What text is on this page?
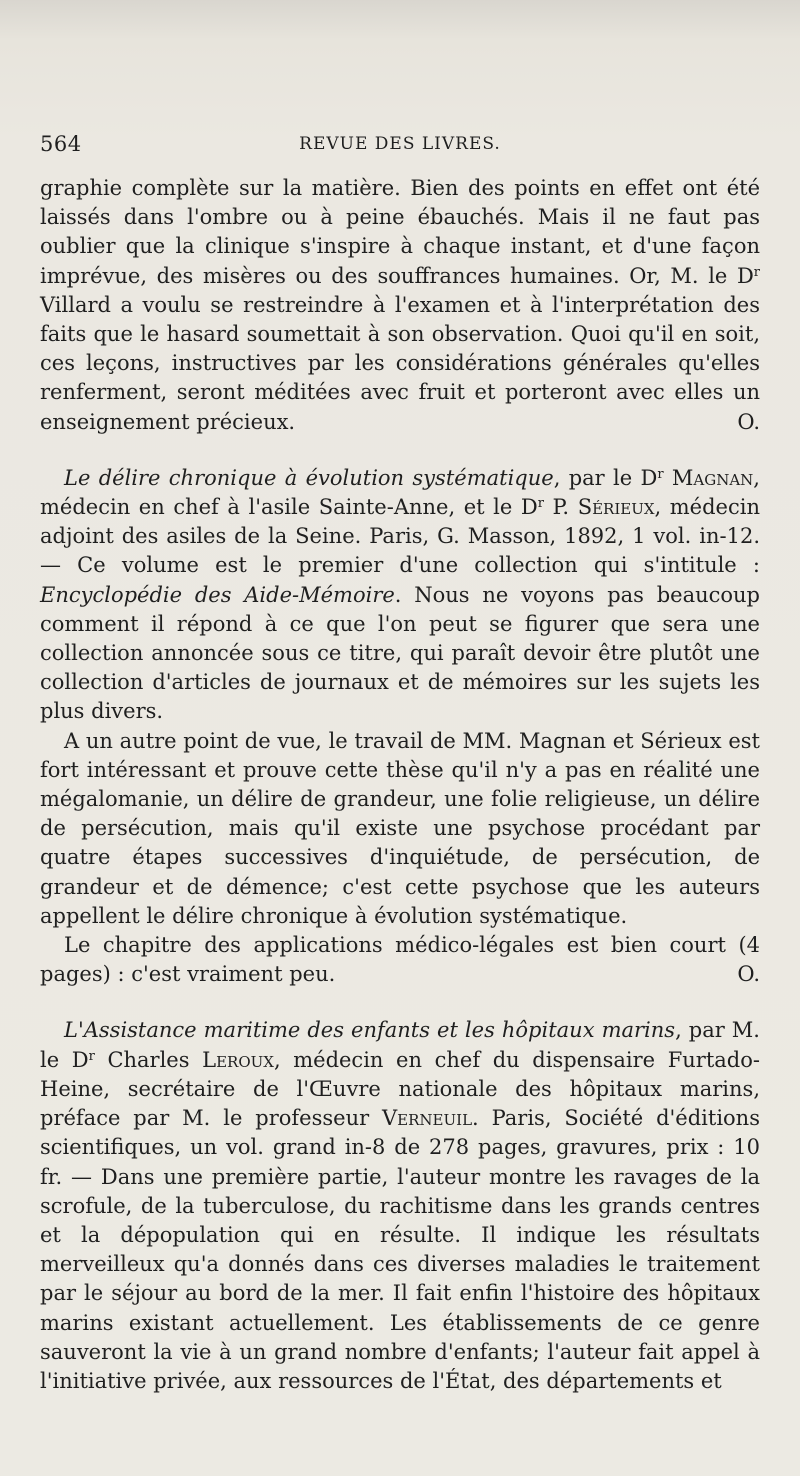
564	REVUE DES LIVRES.

graphie complète sur la matière. Bien des points en effet ont été laissés dans l'ombre ou à peine ébauchés. Mais il ne faut pas oublier que la clinique s'inspire à chaque instant, et d'une façon imprévue, des misères ou des souffrances humaines. Or, M. le $D^r$ Villard a voulu se restreindre à l'examen et à l'interprétation des faits que le hasard soumettait à son observation. Quoi qu'il en soit, ces leçons, instructives par les considérations générales qu'elles renferment, seront méditées avec fruit et porteront avec elles un enseignement précieux.	O.

Le délire chronique à évolution systématique, par le $D^r$ Magnan, médecin en chef à l'asile Sainte-Anne, et le $D^r$ P. Sérieux, médecin adjoint des asiles de la Seine. Paris, G. Masson, 1892, 1 vol. in-12. — Ce volume est le premier d'une collection qui s'intitule : Encyclopédie des Aide-Mémoire. Nous ne voyons pas beaucoup comment il répond à ce que l'on peut se figurer que sera une collection annoncée sous ce titre, qui paraît devoir être plutôt une collection d'articles de journaux et de mémoires sur les sujets les plus divers.

A un autre point de vue, le travail de MM. Magnan et Sérieux est fort intéressant et prouve cette thèse qu'il n'y a pas en réalité une mégalomanie, un délire de grandeur, une folie religieuse, un délire de persécution, mais qu'il existe une psychose procédant par quatre étapes successives d'inquiétude, de persécution, de grandeur et de démence; c'est cette psychose que les auteurs appellent le délire chronique à évolution systématique.

Le chapitre des applications médico-légales est bien court (4 pages) : c'est vraiment peu.	O.

L'Assistance maritime des enfants et les hôpitaux marins, par M. le $D^r$ Charles Leroux, médecin en chef du dispensaire Furtado-Heine, secrétaire de l'Œuvre nationale des hôpitaux marins, préface par M. le professeur Verneuil. Paris, Société d'éditions scientifiques, un vol. grand in-8 de 278 pages, gravures, prix : 10 fr. — Dans une première partie, l'auteur montre les ravages de la scrofule, de la tuberculose, du rachitisme dans les grands centres et la dépopulation qui en résulte. Il indique les résultats merveilleux qu'a donnés dans ces diverses maladies le traitement par le séjour au bord de la mer. Il fait enfin l'histoire des hôpitaux marins existant actuellement. Les établissements de ce genre sauveront la vie à un grand nombre d'enfants; l'auteur fait appel à l'initiative privée, aux ressources de l'État, des départements et
